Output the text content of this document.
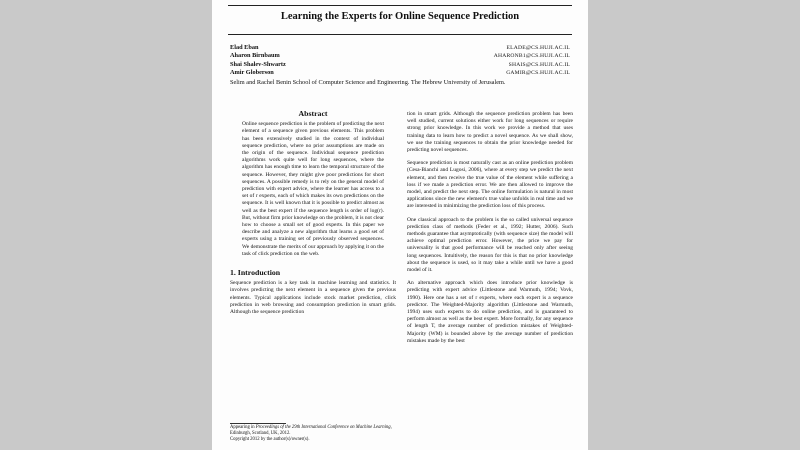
Learning the Experts for Online Sequence Prediction
Elad Eban	ELADE@CS.HUJI.AC.IL
Aharon Birnbaum	AHARONB1@CS.HUJI.AC.IL
Shai Shalev-Shwartz	SHAIS@CS.HUJI.AC.IL
Amir Globerson	GAMIR@CS.HUJI.AC.IL
Selim and Rachel Benin School of Computer Science and Engineering. The Hebrew University of Jerusalem.
Abstract

Online sequence prediction is the problem of predicting the next element of a sequence given previous elements. This problem has been extensively studied in the context of individual sequence prediction, where no prior assumptions are made on the origin of the sequence. Individual sequence prediction algorithms work quite well for long sequences, where the algorithm has enough time to learn the temporal structure of the sequence. However, they might give poor predictions for short sequences. A possible remedy is to rely on the general model of prediction with expert advice, where the learner has access to a set of r experts, each of which makes its own predictions on the sequence. It is well known that it is possible to predict almost as well as the best expert if the sequence length is order of log(r). But, without firm prior knowledge on the problem, it is not clear how to choose a small set of good experts. In this paper we describe and analyze a new algorithm that learns a good set of experts using a training set of previously observed sequences. We demonstrate the merits of our approach by applying it on the task of click prediction on the web.

1. Introduction

Sequence prediction is a key task in machine learning and statistics. It involves predicting the next element in a sequence given the previous elements. Typical applications include stock market prediction, click prediction in web browsing and consumption prediction in smart grids. Although the sequence prediction

Appearing in Proceedings of the 29th International Conference on Machine Learning, Edinburgh, Scotland, UK, 2012.
Copyright 2012 by the author(s)/owner(s).

tion in smart grids. Although the sequence prediction problem has been well studied, current solutions either work for long sequences or require strong prior knowledge. In this work we provide a method that uses training data to learn how to predict a novel sequence. As we shall show, we use the training sequences to obtain the prior knowledge needed for predicting novel sequences.

Sequence prediction is most naturally cast as an online prediction problem (Cesa-Bianchi and Lugosi, 2006), where at every step we predict the next element, and then receive the true value of the element while suffering a loss if we made a prediction error. We are then allowed to improve the model, and predict the next step. The online formulation is natural in most applications since the new element's true value unfolds in real time and we are interested in minimizing the prediction loss of this process.

One classical approach to the problem is the so called universal sequence prediction class of methods (Feder et al., 1992; Hutter, 2006). Such methods guarantee that asymptotically (with sequence size) the model will achieve optimal prediction error. However, the price we pay for universality is that good performance will be reached only after seeing long sequences. Intuitively, the reason for this is that no prior knowledge about the sequence is used, so it may take a while until we have a good model of it.

An alternative approach which does introduce prior knowledge is predicting with expert advice (Littlestone and Warmuth, 1994; Vovk, 1990). Here one has a set of r experts, where each expert is a sequence predictor. The Weighted-Majority algorithm (Littlestone and Warmuth, 1994) uses such experts to do online prediction, and is guaranteed to perform almost as well as the best expert. More formally, for any sequence of length T, the average number of prediction mistakes of Weighted-Majority (WM) is bounded above by the average number of prediction mistakes made by the best
